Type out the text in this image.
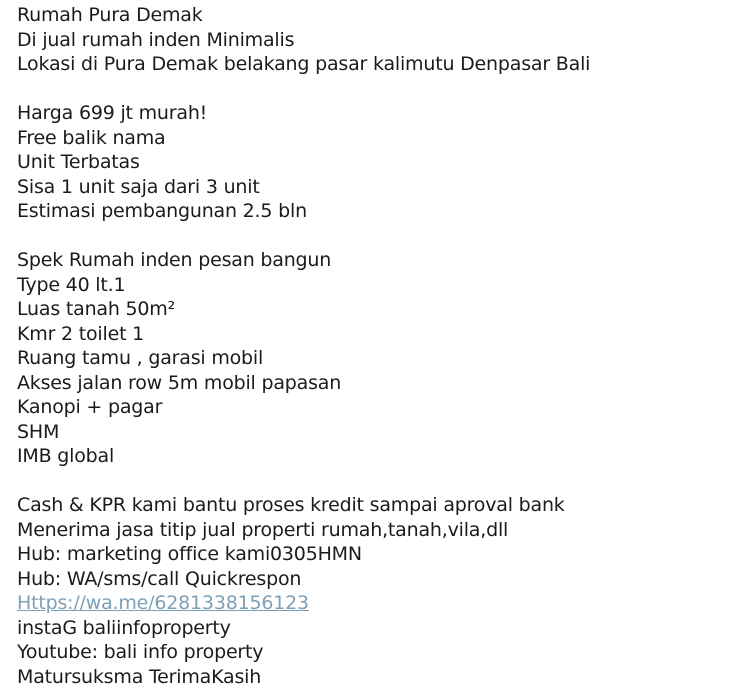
Rumah Pura Demak
Di jual rumah inden Minimalis
Lokasi di Pura Demak belakang pasar kalimutu Denpasar Bali
Harga 699 jt murah!
Free balik nama
Unit Terbatas
Sisa 1 unit saja dari 3 unit
Estimasi pembangunan 2.5 bln
Spek Rumah inden pesan bangun
Type 40 lt.1
Luas tanah 50m²
Kmr 2 toilet 1
Ruang tamu , garasi mobil
Akses jalan row 5m mobil papasan
Kanopi + pagar
SHM
IMB global
Cash & KPR kami bantu proses kredit sampai aproval bank
Menerima jasa titip jual properti rumah,tanah,vila,dll
Hub: marketing office kami0305HMN
Hub: WA/sms/call Quickrespon
Https://wa.me/6281338156123
instaG baliinfoproperty
Youtube: bali info property
Matursuksma TerimaKasih
